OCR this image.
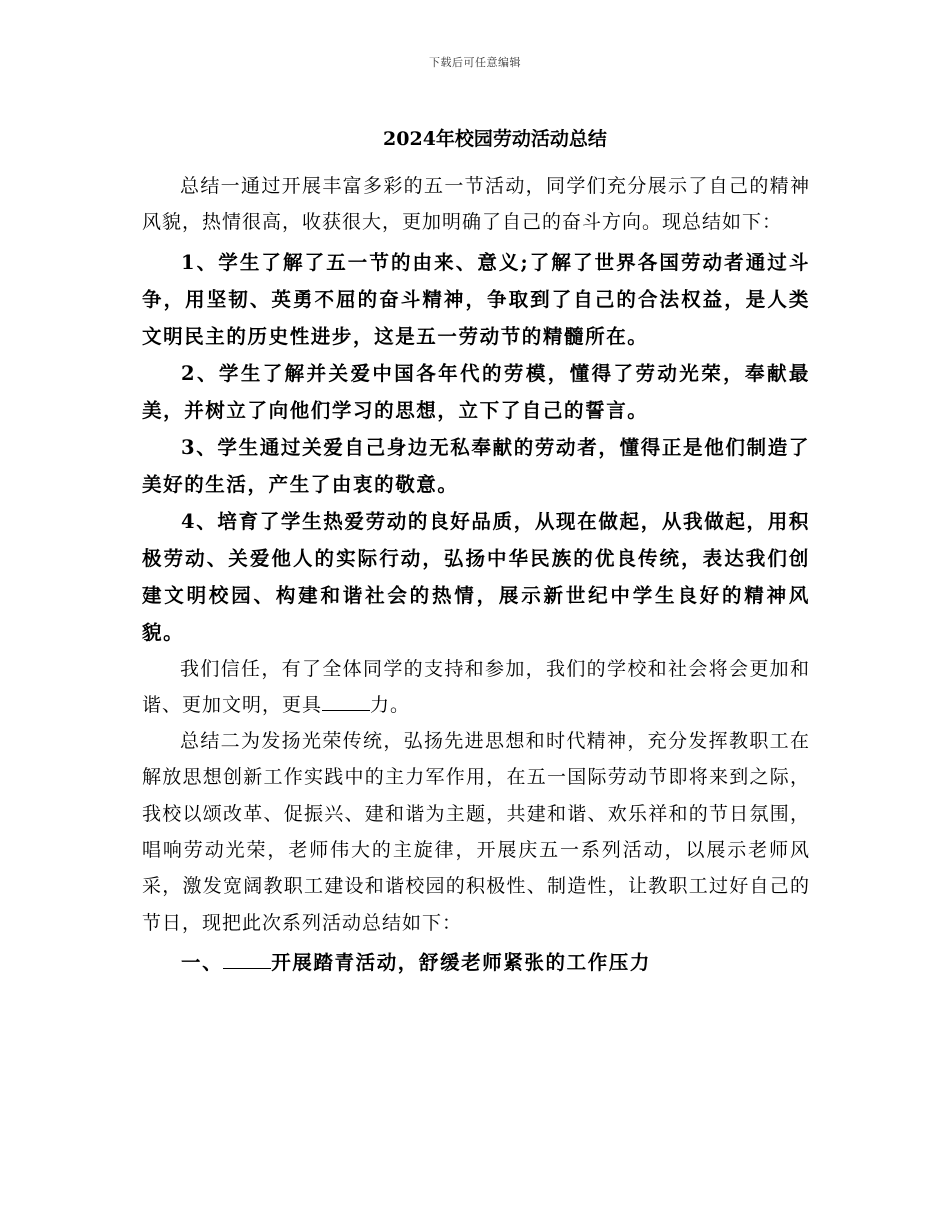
下载后可任意编辑
2024年校园劳动活动总结

总结一通过开展丰富多彩的五一节活动，同学们充分展示了自己的精神风貌，热情很高，收获很大，更加明确了自己的奋斗方向。现总结如下：

1、学生了解了五一节的由来、意义;了解了世界各国劳动者通过斗争，用坚韧、英勇不屈的奋斗精神，争取到了自己的合法权益，是人类文明民主的历史性进步，这是五一劳动节的精髓所在。

2、学生了解并关爱中国各年代的劳模，懂得了劳动光荣，奉献最美，并树立了向他们学习的思想，立下了自己的誓言。

3、学生通过关爱自己身边无私奉献的劳动者，懂得正是他们制造了美好的生活，产生了由衷的敬意。

4、培育了学生热爱劳动的良好品质，从现在做起，从我做起，用积极劳动、关爱他人的实际行动，弘扬中华民族的优良传统，表达我们创建文明校园、构建和谐社会的热情，展示新世纪中学生良好的精神风貌。

我们信任，有了全体同学的支持和参加，我们的学校和社会将会更加和谐、更加文明，更具	力。

总结二为发扬光荣传统，弘扬先进思想和时代精神，充分发挥教职工在解放思想创新工作实践中的主力军作用，在五一国际劳动节即将来到之际，我校以颂改革、促振兴、建和谐为主题，共建和谐、欢乐祥和的节日氛围，唱响劳动光荣，老师伟大的主旋律，开展庆五一系列活动，以展示老师风采，激发宽阔教职工建设和谐校园的积极性、制造性，让教职工过好自己的节日，现把此次系列活动总结如下：

一、 开展踏青活动，舒缓老师紧张的工作压力
